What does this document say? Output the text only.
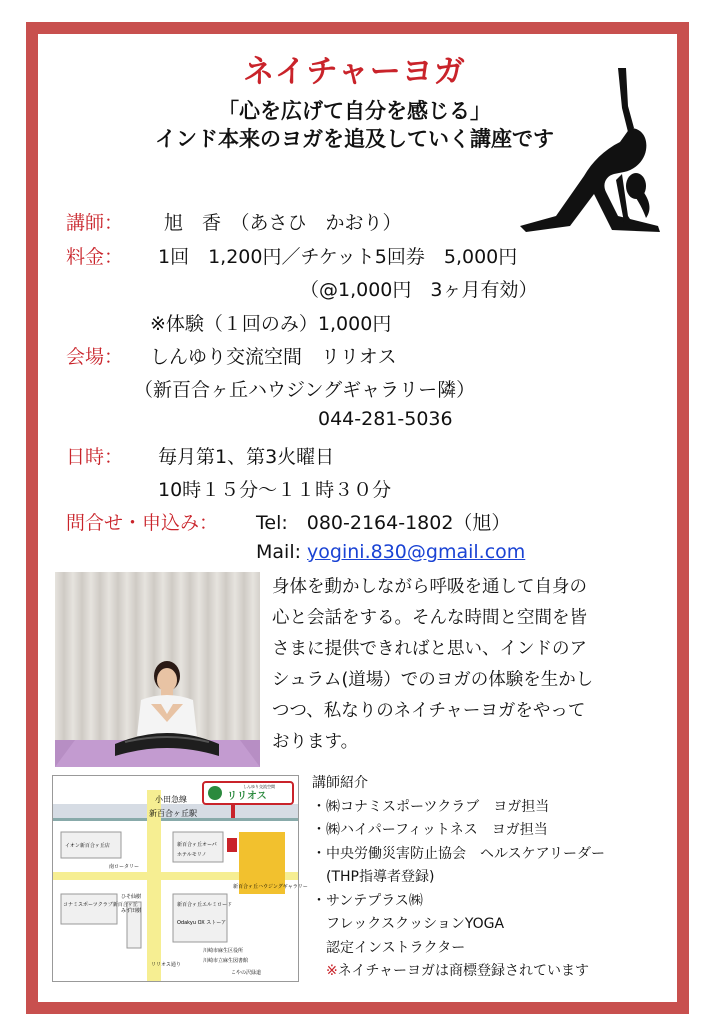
ネイチャーヨガ
「心を広げて自分を感じる」
インド本来のヨガを追及していく講座です
講師： 旭　香　（あさひ　かおり）
料金： 1回　1,200円／チケット5回券　5,000円
（@1,000円　3ヶ月有効）
※体験（１回のみ）1,000円
会場： しんゆり交流空間　リリオス
（新百合ヶ丘ハウジングギャラリー隣）
044-281-5036
日時： 毎月第1、第3火曜日
10時１５分～１１時３０分
問合せ・申込み： Tel:　080-2164-1802（旭）
Mail: yogini.830@gmail.com
身体を動かしながら呼吸を通して自身の
心と会話をする。そんな時間と空間を皆
さまに提供できればと思い、インドのア
シュラム(道場）でのヨガの体験を生かし
つつ、私なりのネイチャーヨガをやって
おります。
小田急線
新百合ヶ丘駅
しんゆり交流空間
リリオス
イオン新百合ヶ丘店
南ロータリー
新百合ヶ丘オーパ
ホテルモリノ
コナミスポーツクラブ新百合ヶ丘
ひそ仙樹
みず田樹
川崎市麻生区役所
川崎市立麻生図書館
新百合ヶ丘エルミロード
Odakyu OX ストーア
新百合ヶ丘ハウジングギャラリー
リリオス通り
こやの沢緑道
講師紹介
・㈱コナミスポーツクラブ　ヨガ担当
・㈱ハイパーフィットネス　ヨガ担当
・中央労働災害防止協会　ヘルスケアリーダー
(THP指導者登録)
・サンテプラス㈱
フレックスクッションYOGA
認定インストラクター
※ネイチャーヨガは商標登録されています
